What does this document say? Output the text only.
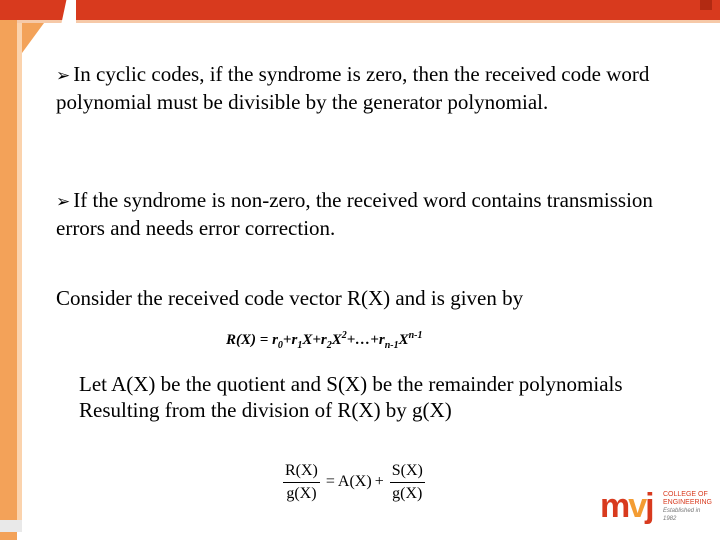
➢ In cyclic codes, if the syndrome is zero, then the received code word polynomial must be divisible by the generator polynomial.

➢ If the syndrome is non-zero, the received word contains transmission errors and needs error correction.

Consider the received code vector R(X) and is given by

$R(X) = r_0+r_1X+r_2X^2+\dots+r_{n-1}X^{n-1}$

Let A(X) be the quotient and S(X) be the remainder polynomials

Resulting from the division of R(X) by g(X)

$\frac{R(X)}{g(X)} = A(X) + \frac{S(X)}{g(X)}$
mvj COLLEGE OF
ENGINEERING
Established in 1982
